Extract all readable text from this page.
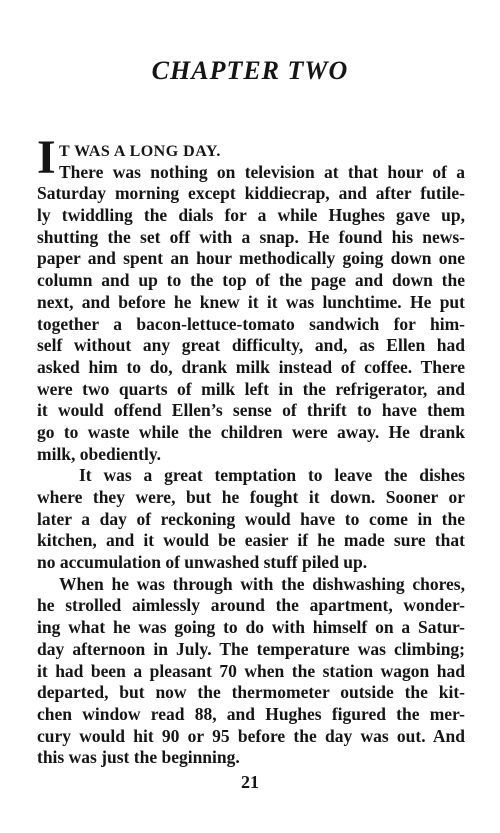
CHAPTER TWO
I T WAS A LONG DAY.
There was nothing on television at that hour of a
Saturday morning except kiddiecrap, and after futile-
ly twiddling the dials for a while Hughes gave up,
shutting the set off with a snap. He found his news-
paper and spent an hour methodically going down one
column and up to the top of the page and down the
next, and before he knew it it was lunchtime. He put
together a bacon-lettuce-tomato sandwich for him-
self without any great difficulty, and, as Ellen had
asked him to do, drank milk instead of coffee. There
were two quarts of milk left in the refrigerator, and
it would offend Ellen’s sense of thrift to have them
go to waste while the children were away. He drank
milk, obediently.
It was a great temptation to leave the dishes
where they were, but he fought it down. Sooner or
later a day of reckoning would have to come in the
kitchen, and it would be easier if he made sure that
no accumulation of unwashed stuff piled up.
When he was through with the dishwashing chores,
he strolled aimlessly around the apartment, wonder-
ing what he was going to do with himself on a Satur-
day afternoon in July. The temperature was climbing;
it had been a pleasant 70 when the station wagon had
departed, but now the thermometer outside the kit-
chen window read 88, and Hughes figured the mer-
cury would hit 90 or 95 before the day was out. And
this was just the beginning.
21
